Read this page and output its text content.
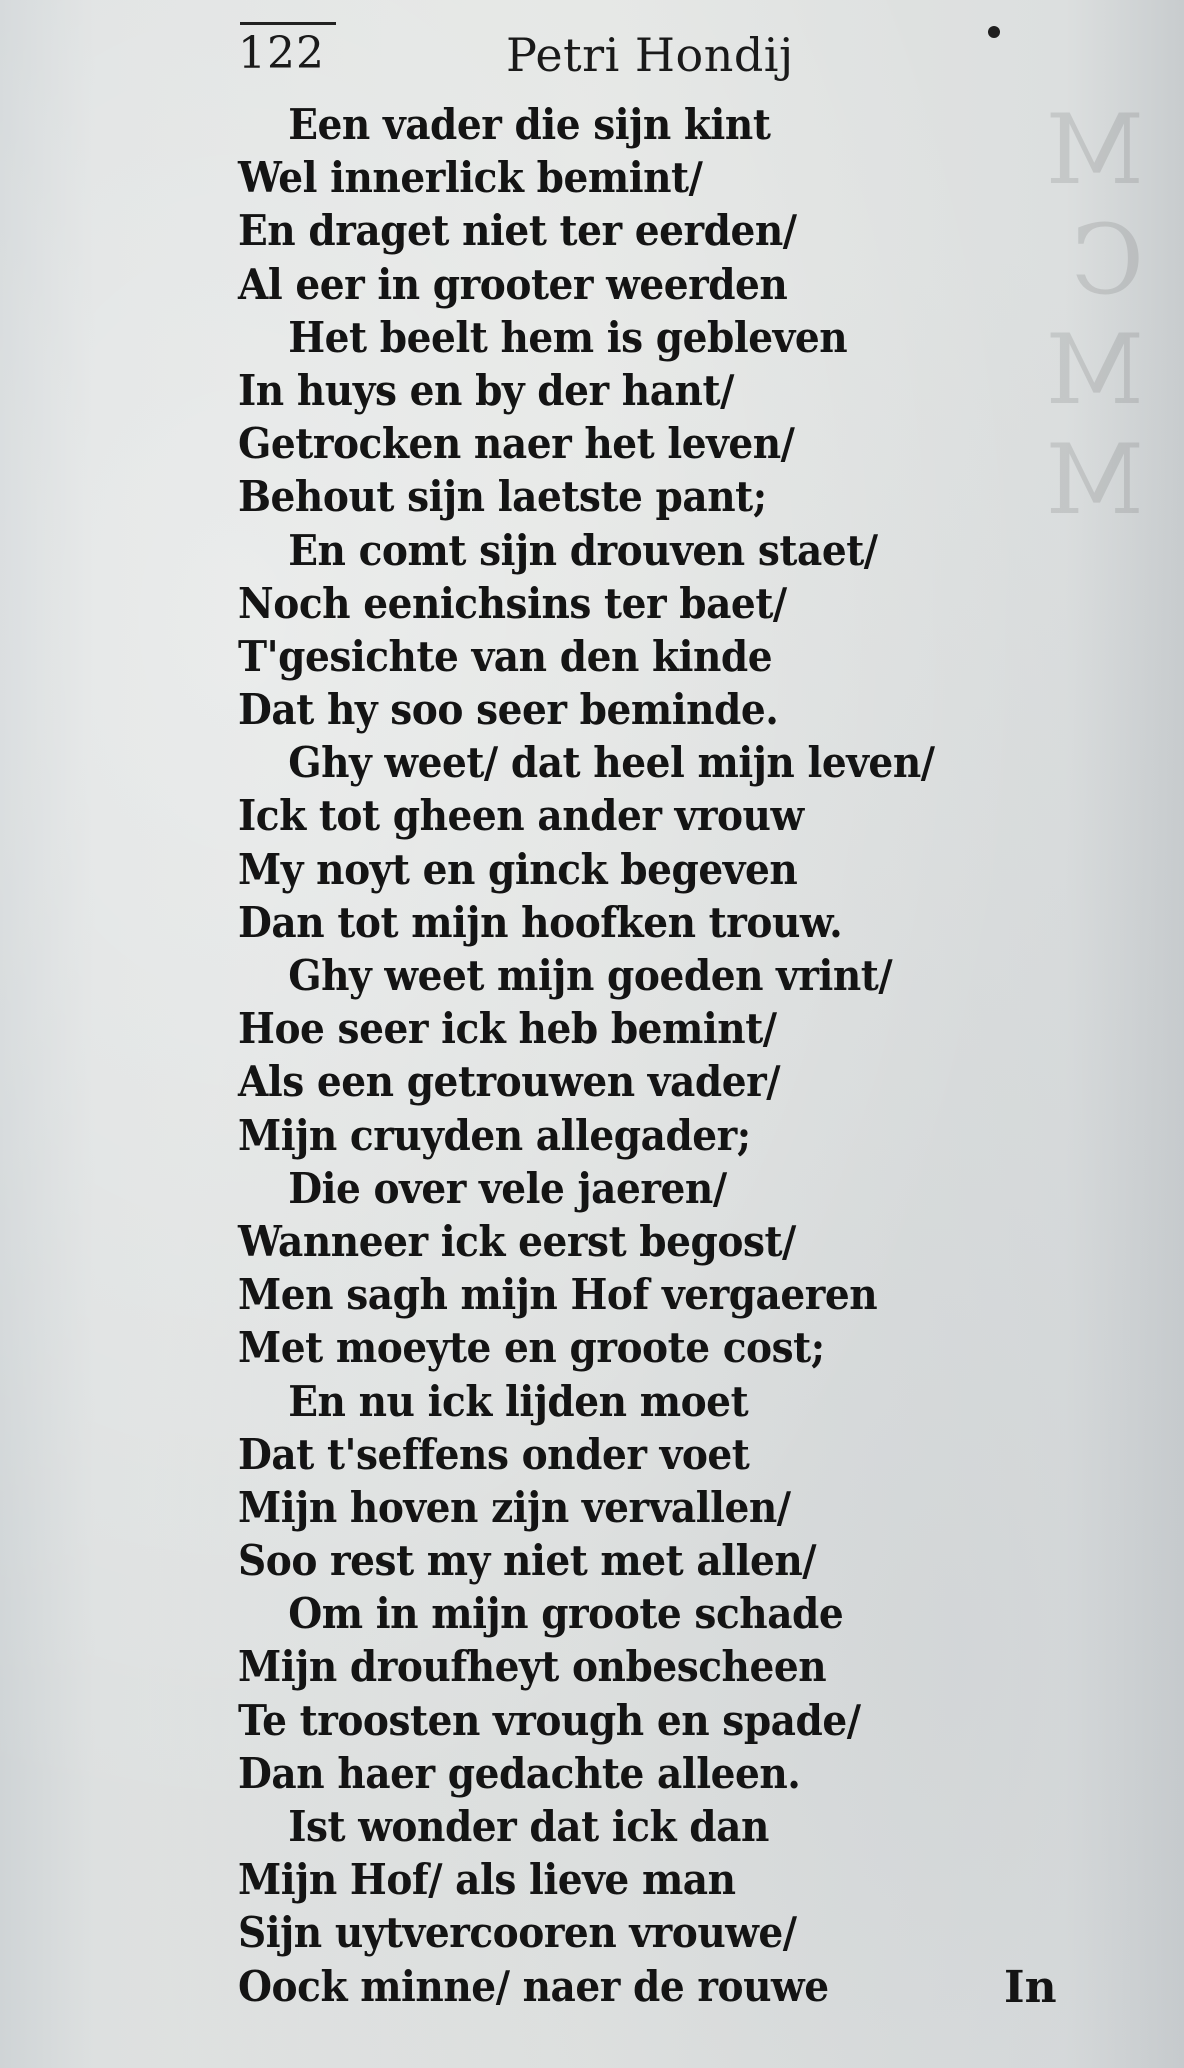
M
C
M
M
122	Petri Hondij
Een vader die sijn kint
Wel innerlick bemint/
En draget niet ter eerden/
Al eer in grooter weerden
Het beelt hem is gebleven
In huys en by der hant/
Getrocken naer het leven/
Behout sijn laetste pant;
En comt sijn drouven staet/
Noch eenichsins ter baet/
T'gesichte van den kinde
Dat hy soo seer beminde.
Ghy weet/ dat heel mijn leven/
Ick tot gheen ander vrouw
My noyt en ginck begeven
Dan tot mijn hoofken trouw.
Ghy weet mijn goeden vrint/
Hoe seer ick heb bemint/
Als een getrouwen vader/
Mijn cruyden allegader;
Die over vele jaeren/
Wanneer ick eerst begost/
Men sagh mijn Hof vergaeren
Met moeyte en groote cost;
En nu ick lijden moet
Dat t'seffens onder voet
Mijn hoven zijn vervallen/
Soo rest my niet met allen/
Om in mijn groote schade
Mijn droufheyt onbescheen
Te troosten vrough en spade/
Dan haer gedachte alleen.
Ist wonder dat ick dan
Mijn Hof/ als lieve man
Sijn uytvercooren vrouwe/
Oock minne/ naer de rouwe	In
